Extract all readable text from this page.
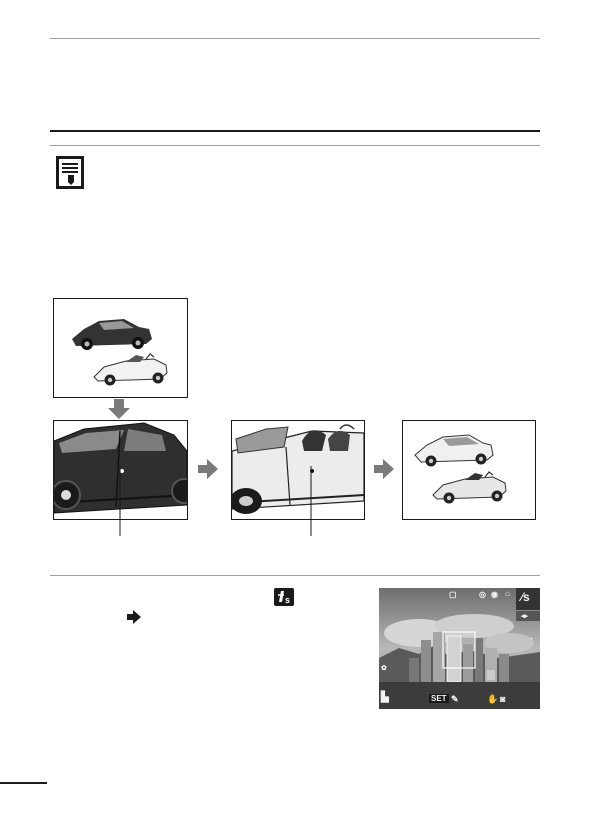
s
▢	◎ ◉ ⌂ ⁄s
◂▸
◔
✿
▙	SET ✎	✋ ◙
